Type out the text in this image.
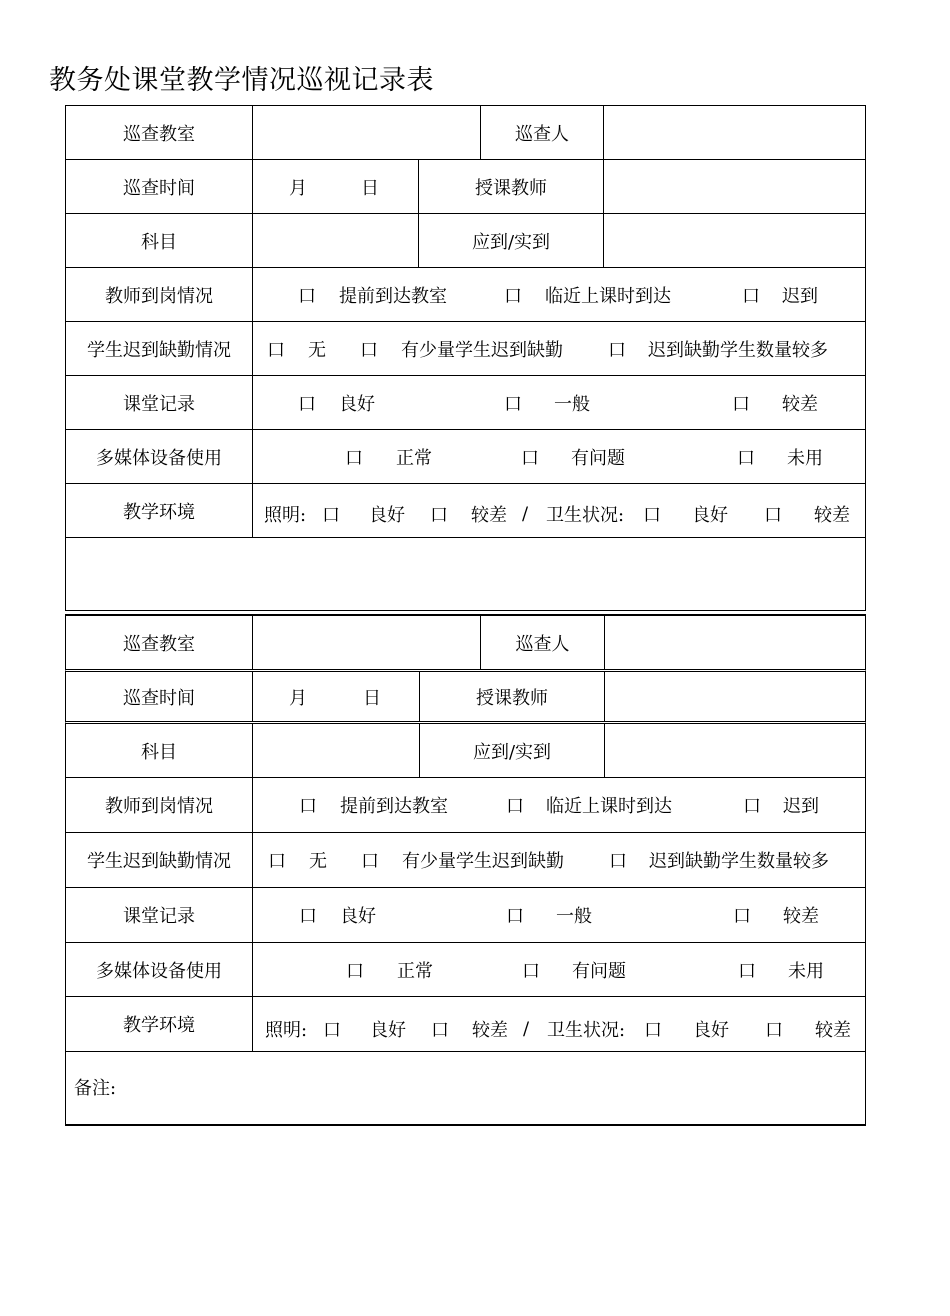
教务处课堂教学情况巡视记录表
巡查教室	巡查人
巡查时间	月	日	授课教师
科目	应到/实到
教师到岗情况	口 提前到达教室	口 临近上课时到达	口 迟到
学生迟到缺勤情况	口 无 口 有少量学生迟到缺勤	口 迟到缺勤学生数量较多
课堂记录	口 良好	口 一般	口 较差
多媒体设备使用	口 正常	口 有问题	口 未用
教学环境	照明: 口 良好 口 较差 / 卫生状况: 口 良好 口 较差
巡查教室	巡查人
巡查时间	月	日	授课教师
科目	应到/实到
教师到岗情况	口 提前到达教室	口 临近上课时到达	口 迟到
学生迟到缺勤情况	口 无 口 有少量学生迟到缺勤	口 迟到缺勤学生数量较多
课堂记录	口 良好	口 一般	口 较差
多媒体设备使用	口 正常	口 有问题	口 未用
教学环境	照明: 口 良好 口 较差 / 卫生状况: 口 良好 口 较差
备注:
